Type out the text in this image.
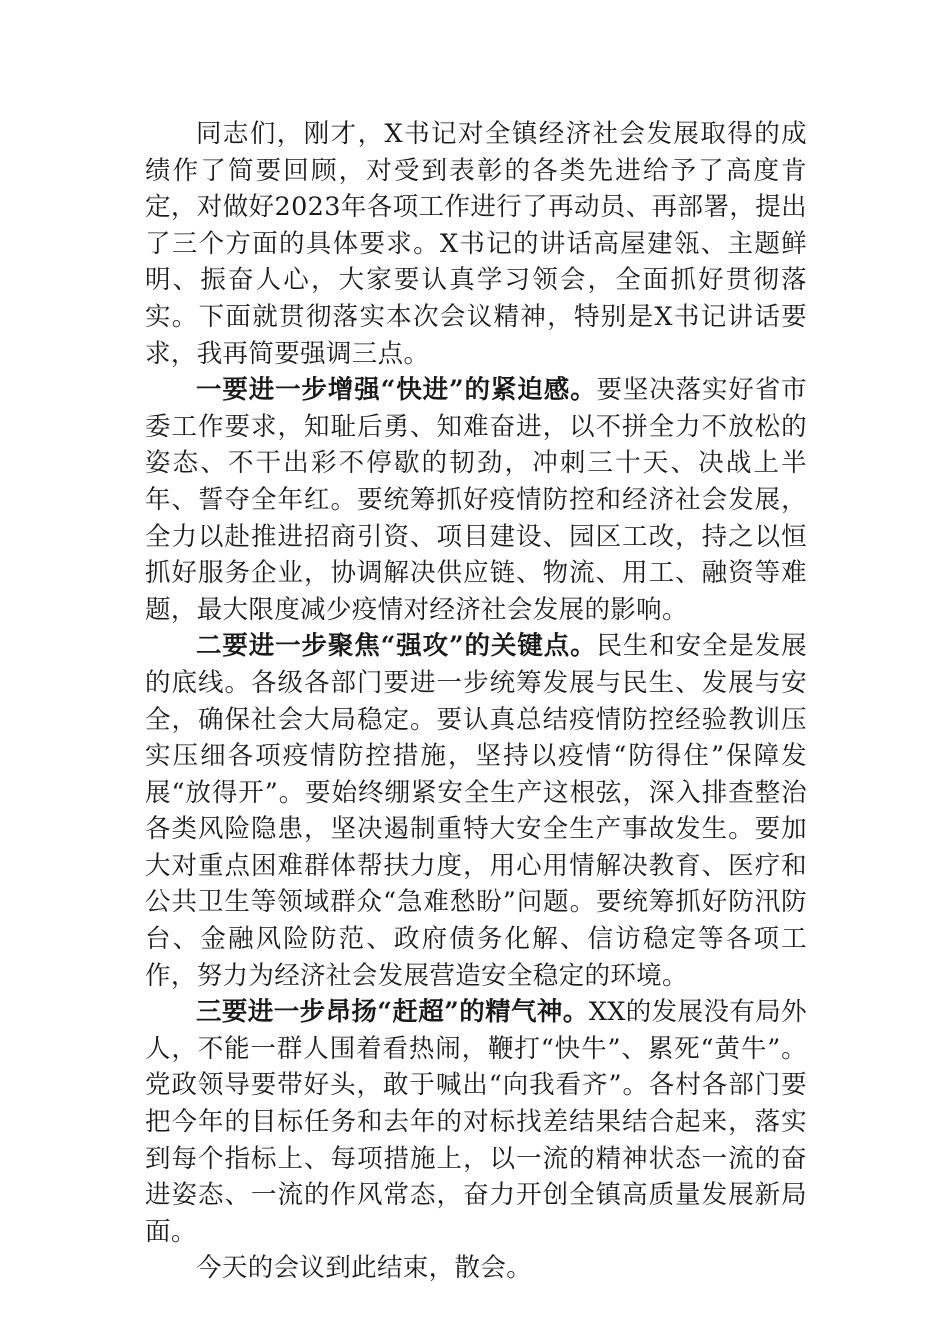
同志们，刚才，X书记对全镇经济社会发展取得的成绩作了简要回顾，对受到表彰的各类先进给予了高度肯定，对做好2023年各项工作进行了再动员、再部署，提出了三个方面的具体要求。X书记的讲话高屋建瓴、主题鲜明、振奋人心，大家要认真学习领会，全面抓好贯彻落实。下面就贯彻落实本次会议精神，特别是X书记讲话要求，我再简要强调三点。

一要进一步增强“快进”的紧迫感。要坚决落实好省市委工作要求，知耻后勇、知难奋进，以不拼全力不放松的姿态、不干出彩不停歇的韧劲，冲刺三十天、决战上半年、誓夺全年红。要统筹抓好疫情防控和经济社会发展，全力以赴推进招商引资、项目建设、园区工改，持之以恒抓好服务企业，协调解决供应链、物流、用工、融资等难题，最大限度减少疫情对经济社会发展的影响。

二要进一步聚焦“强攻”的关键点。民生和安全是发展的底线。各级各部门要进一步统筹发展与民生、发展与安全，确保社会大局稳定。要认真总结疫情防控经验教训压实压细各项疫情防控措施，坚持以疫情“防得住”保障发展“放得开”。要始终绷紧安全生产这根弦，深入排查整治各类风险隐患，坚决遏制重特大安全生产事故发生。要加大对重点困难群体帮扶力度，用心用情解决教育、医疗和公共卫生等领域群众“急难愁盼”问题。要统筹抓好防汛防台、金融风险防范、政府债务化解、信访稳定等各项工作，努力为经济社会发展营造安全稳定的环境。

三要进一步昂扬“赶超”的精气神。XX的发展没有局外人，不能一群人围着看热闹，鞭打“快牛”、累死“黄牛”。党政领导要带好头，敢于喊出“向我看齐”。各村各部门要把今年的目标任务和去年的对标找差结果结合起来，落实到每个指标上、每项措施上，以一流的精神状态一流的奋进姿态、一流的作风常态，奋力开创全镇高质量发展新局面。

今天的会议到此结束，散会。
